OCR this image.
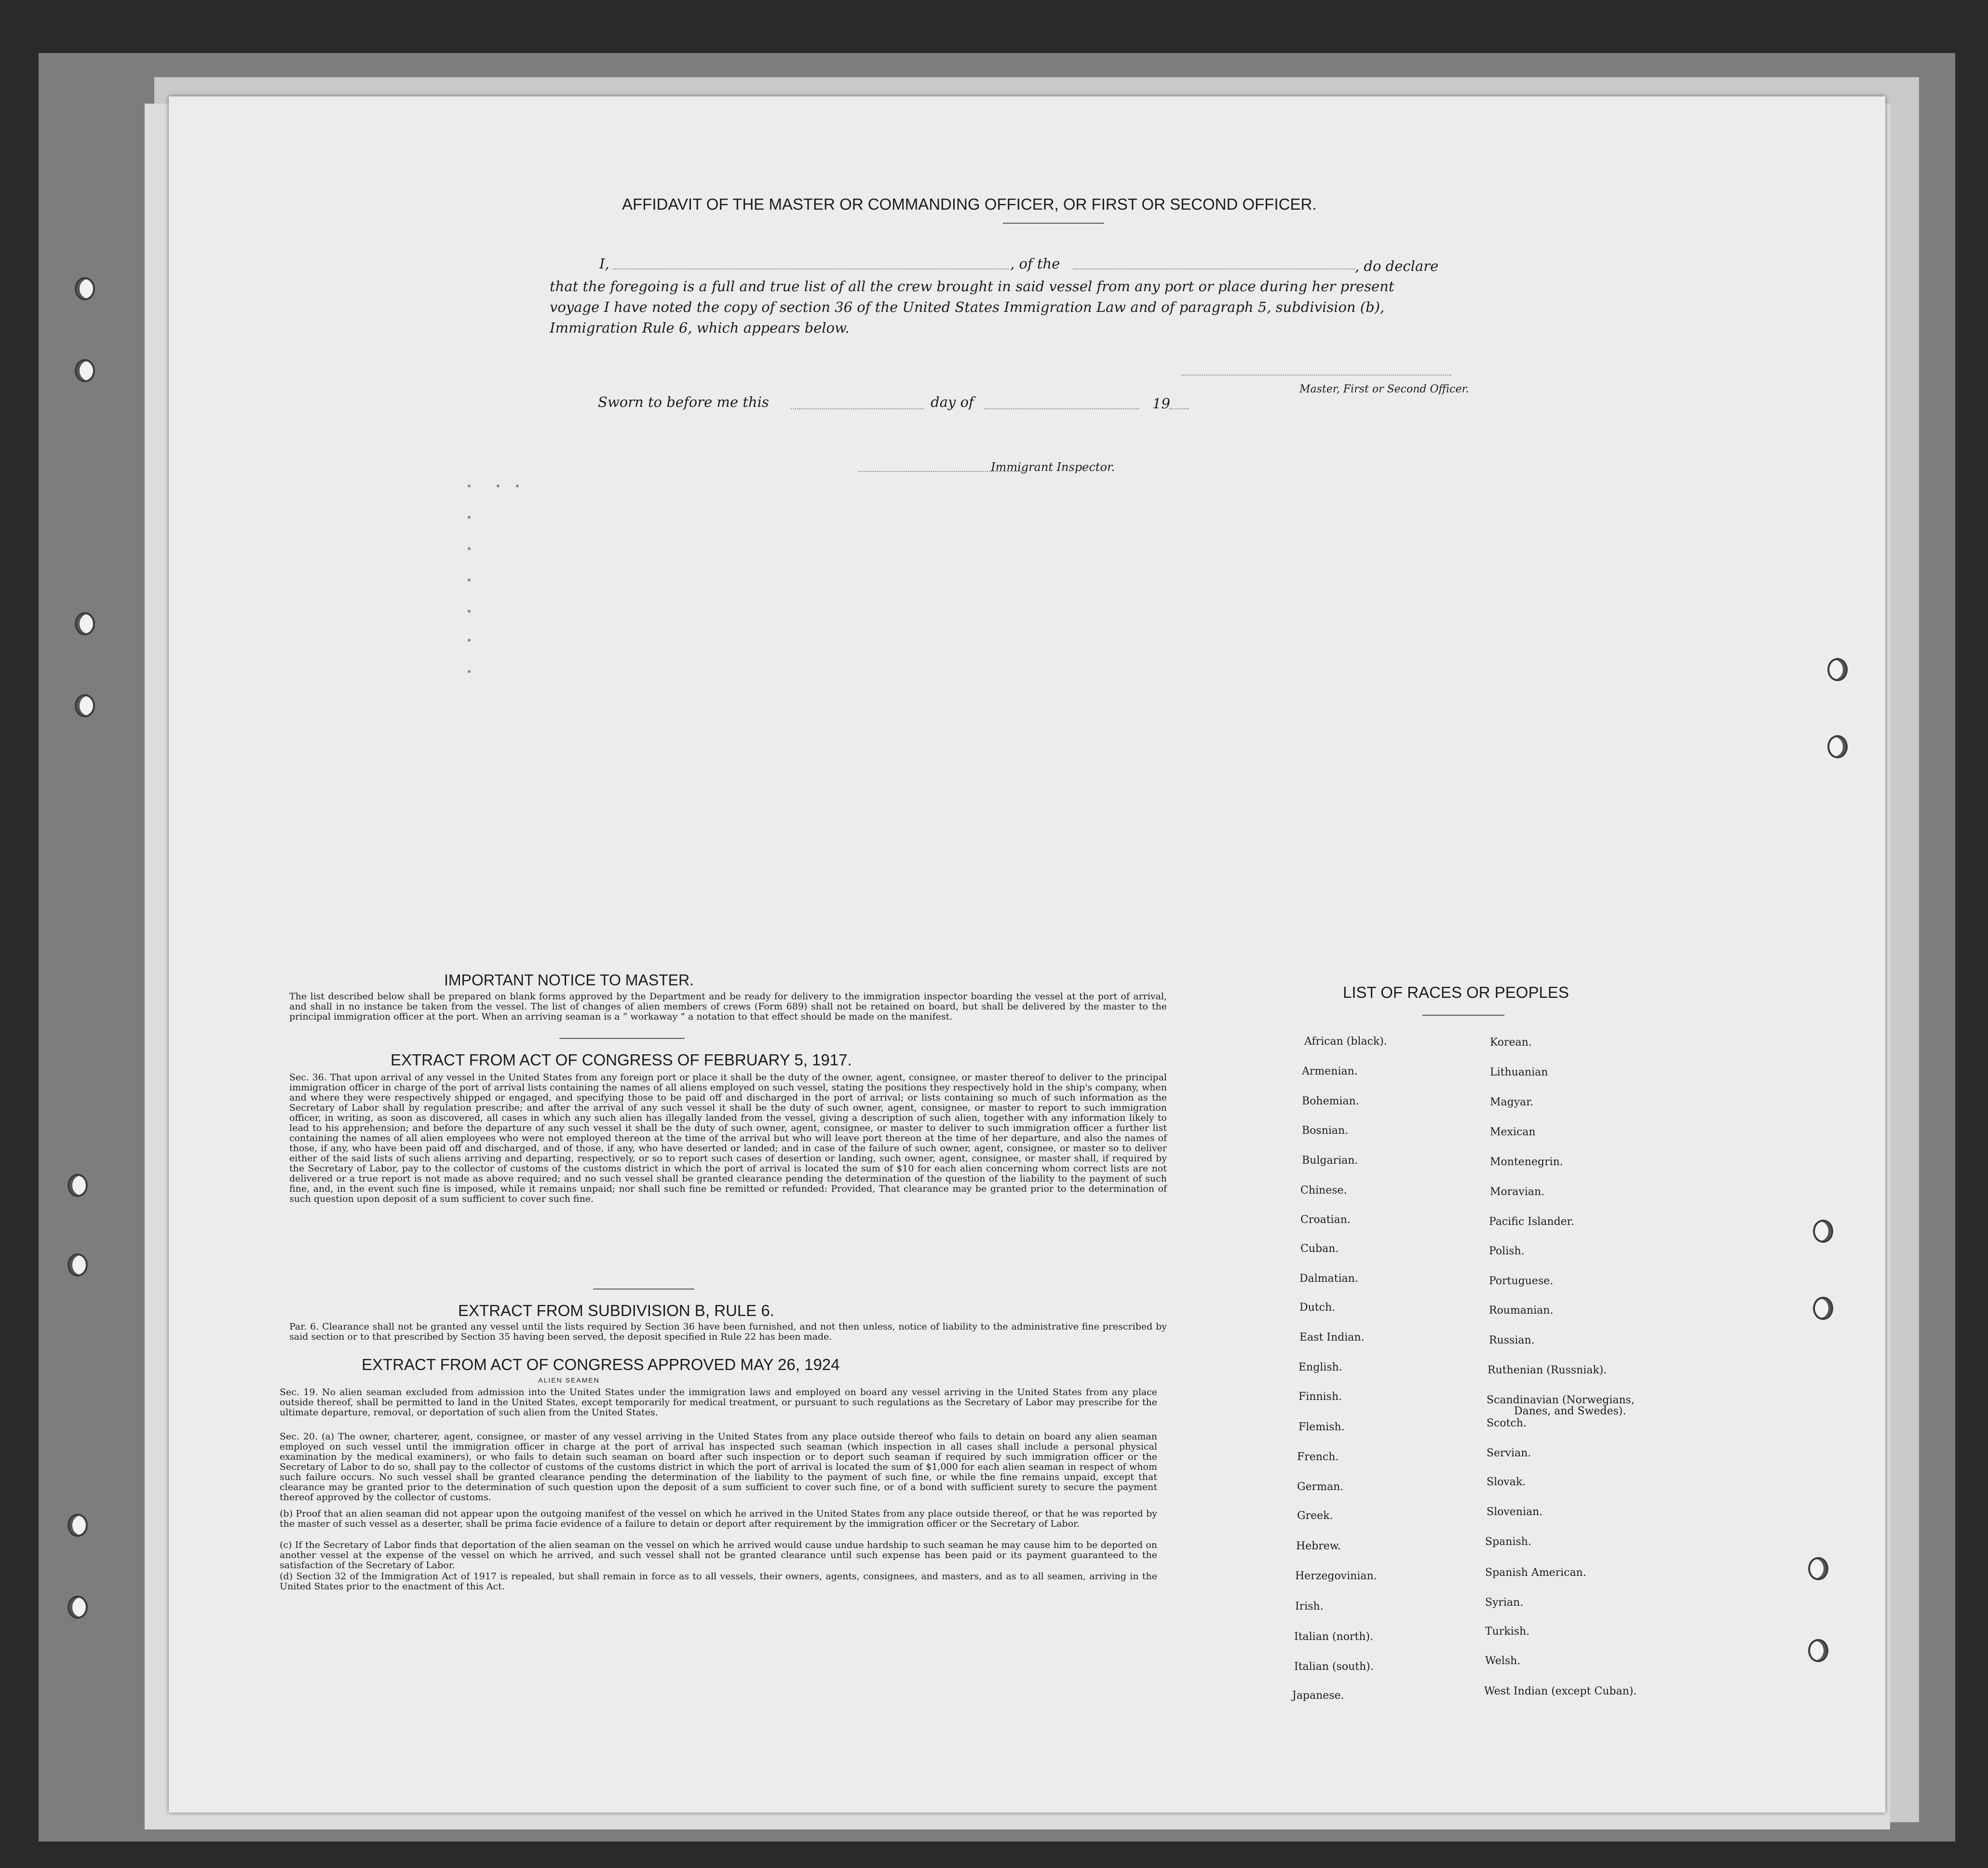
AFFIDAVIT OF THE MASTER OR COMMANDING OFFICER, OR FIRST OR SECOND OFFICER.
I,	, of the	, do declare
that the foregoing is a full and true list of all the crew brought in said vessel from any port or place during her present
voyage I have noted the copy of section 36 of the United States Immigration Law and of paragraph 5, subdivision (b),
Immigration Rule 6, which appears below.
Master, First or Second Officer.
Sworn to before me this	day of	19
Immigrant Inspector.
IMPORTANT NOTICE TO MASTER.
The list described below shall be prepared on blank forms approved by the Department and be ready for delivery to the immigration inspector boarding the vessel at the port of arrival, and shall in no instance be taken from the vessel. The list of changes of alien members of crews (Form 689) shall not be retained on board, but shall be delivered by the master to the principal immigration officer at the port. When an arriving seaman is a “ workaway ” a notation to that effect should be made on the manifest.
EXTRACT FROM ACT OF CONGRESS OF FEBRUARY 5, 1917.
Sec. 36. That upon arrival of any vessel in the United States from any foreign port or place it shall be the duty of the owner, agent, consignee, or master thereof to deliver to the principal immigration officer in charge of the port of arrival lists containing the names of all aliens employed on such vessel, stating the positions they respectively hold in the ship's company, when and where they were respectively shipped or engaged, and specifying those to be paid off and discharged in the port of arrival; or lists containing so much of such information as the Secretary of Labor shall by regulation prescribe; and after the arrival of any such vessel it shall be the duty of such owner, agent, consignee, or master to report to such immigration officer, in writing, as soon as discovered, all cases in which any such alien has illegally landed from the vessel, giving a description of such alien, together with any information likely to lead to his apprehension; and before the departure of any such vessel it shall be the duty of such owner, agent, consignee, or master to deliver to such immigration officer a further list containing the names of all alien employees who were not employed thereon at the time of the arrival but who will leave port thereon at the time of her departure, and also the names of those, if any, who have been paid off and discharged, and of those, if any, who have deserted or landed; and in case of the failure of such owner, agent, consignee, or master so to deliver either of the said lists of such aliens arriving and departing, respectively, or so to report such cases of desertion or landing, such owner, agent, consignee, or master shall, if required by the Secretary of Labor, pay to the collector of customs of the customs district in which the port of arrival is located the sum of $10 for each alien concerning whom correct lists are not delivered or a true report is not made as above required; and no such vessel shall be granted clearance pending the determination of the question of the liability to the payment of such fine, and, in the event such fine is imposed, while it remains unpaid; nor shall such fine be remitted or refunded: Provided, That clearance may be granted prior to the determination of such question upon deposit of a sum sufficient to cover such fine.
EXTRACT FROM SUBDIVISION B, RULE 6.
Par. 6. Clearance shall not be granted any vessel until the lists required by Section 36 have been furnished, and not then unless, notice of liability to the administrative fine prescribed by said section or to that prescribed by Section 35 having been served, the deposit specified in Rule 22 has been made.
EXTRACT FROM ACT OF CONGRESS APPROVED MAY 26, 1924
ALIEN SEAMEN
Sec. 19. No alien seaman excluded from admission into the United States under the immigration laws and employed on board any vessel arriving in the United States from any place outside thereof, shall be permitted to land in the United States, except temporarily for medical treatment, or pursuant to such regulations as the Secretary of Labor may prescribe for the ultimate departure, removal, or deportation of such alien from the United States.
Sec. 20. (a) The owner, charterer, agent, consignee, or master of any vessel arriving in the United States from any place outside thereof who fails to detain on board any alien seaman employed on such vessel until the immigration officer in charge at the port of arrival has inspected such seaman (which inspection in all cases shall include a personal physical examination by the medical examiners), or who fails to detain such seaman on board after such inspection or to deport such seaman if required by such immigration officer or the Secretary of Labor to do so, shall pay to the collector of customs of the customs district in which the port of arrival is located the sum of $1,000 for each alien seaman in respect of whom such failure occurs. No such vessel shall be granted clearance pending the determination of the liability to the payment of such fine, or while the fine remains unpaid, except that clearance may be granted prior to the determination of such question upon the deposit of a sum sufficient to cover such fine, or of a bond with sufficient surety to secure the payment thereof approved by the collector of customs.
(b) Proof that an alien seaman did not appear upon the outgoing manifest of the vessel on which he arrived in the United States from any place outside thereof, or that he was reported by the master of such vessel as a deserter, shall be prima facie evidence of a failure to detain or deport after requirement by the immigration officer or the Secretary of Labor.
(c) If the Secretary of Labor finds that deportation of the alien seaman on the vessel on which he arrived would cause undue hardship to such seaman he may cause him to be deported on another vessel at the expense of the vessel on which he arrived, and such vessel shall not be granted clearance until such expense has been paid or its payment guaranteed to the satisfaction of the Secretary of Labor.
(d) Section 32 of the Immigration Act of 1917 is repealed, but shall remain in force as to all vessels, their owners, agents, consignees, and masters, and as to all seamen, arriving in the United States prior to the enactment of this Act.
LIST OF RACES OR PEOPLES
African (black).
Armenian.
Bohemian.
Bosnian.
Bulgarian.
Chinese.
Croatian.
Cuban.
Dalmatian.
Dutch.
East Indian.
English.
Finnish.
Flemish.
French.
German.
Greek.
Hebrew.
Herzegovinian.
Irish.
Italian (north).
Italian (south).
Japanese.
Korean.
Lithuanian
Magyar.
Mexican
Montenegrin.
Moravian.
Pacific Islander.
Polish.
Portuguese.
Roumanian.
Russian.
Ruthenian (Russniak).
Scandinavian (Norwegians,
Danes, and Swedes).
Scotch.
Servian.
Slovak.
Slovenian.
Spanish.
Spanish American.
Syrian.
Turkish.
Welsh.
West Indian (except Cuban).
